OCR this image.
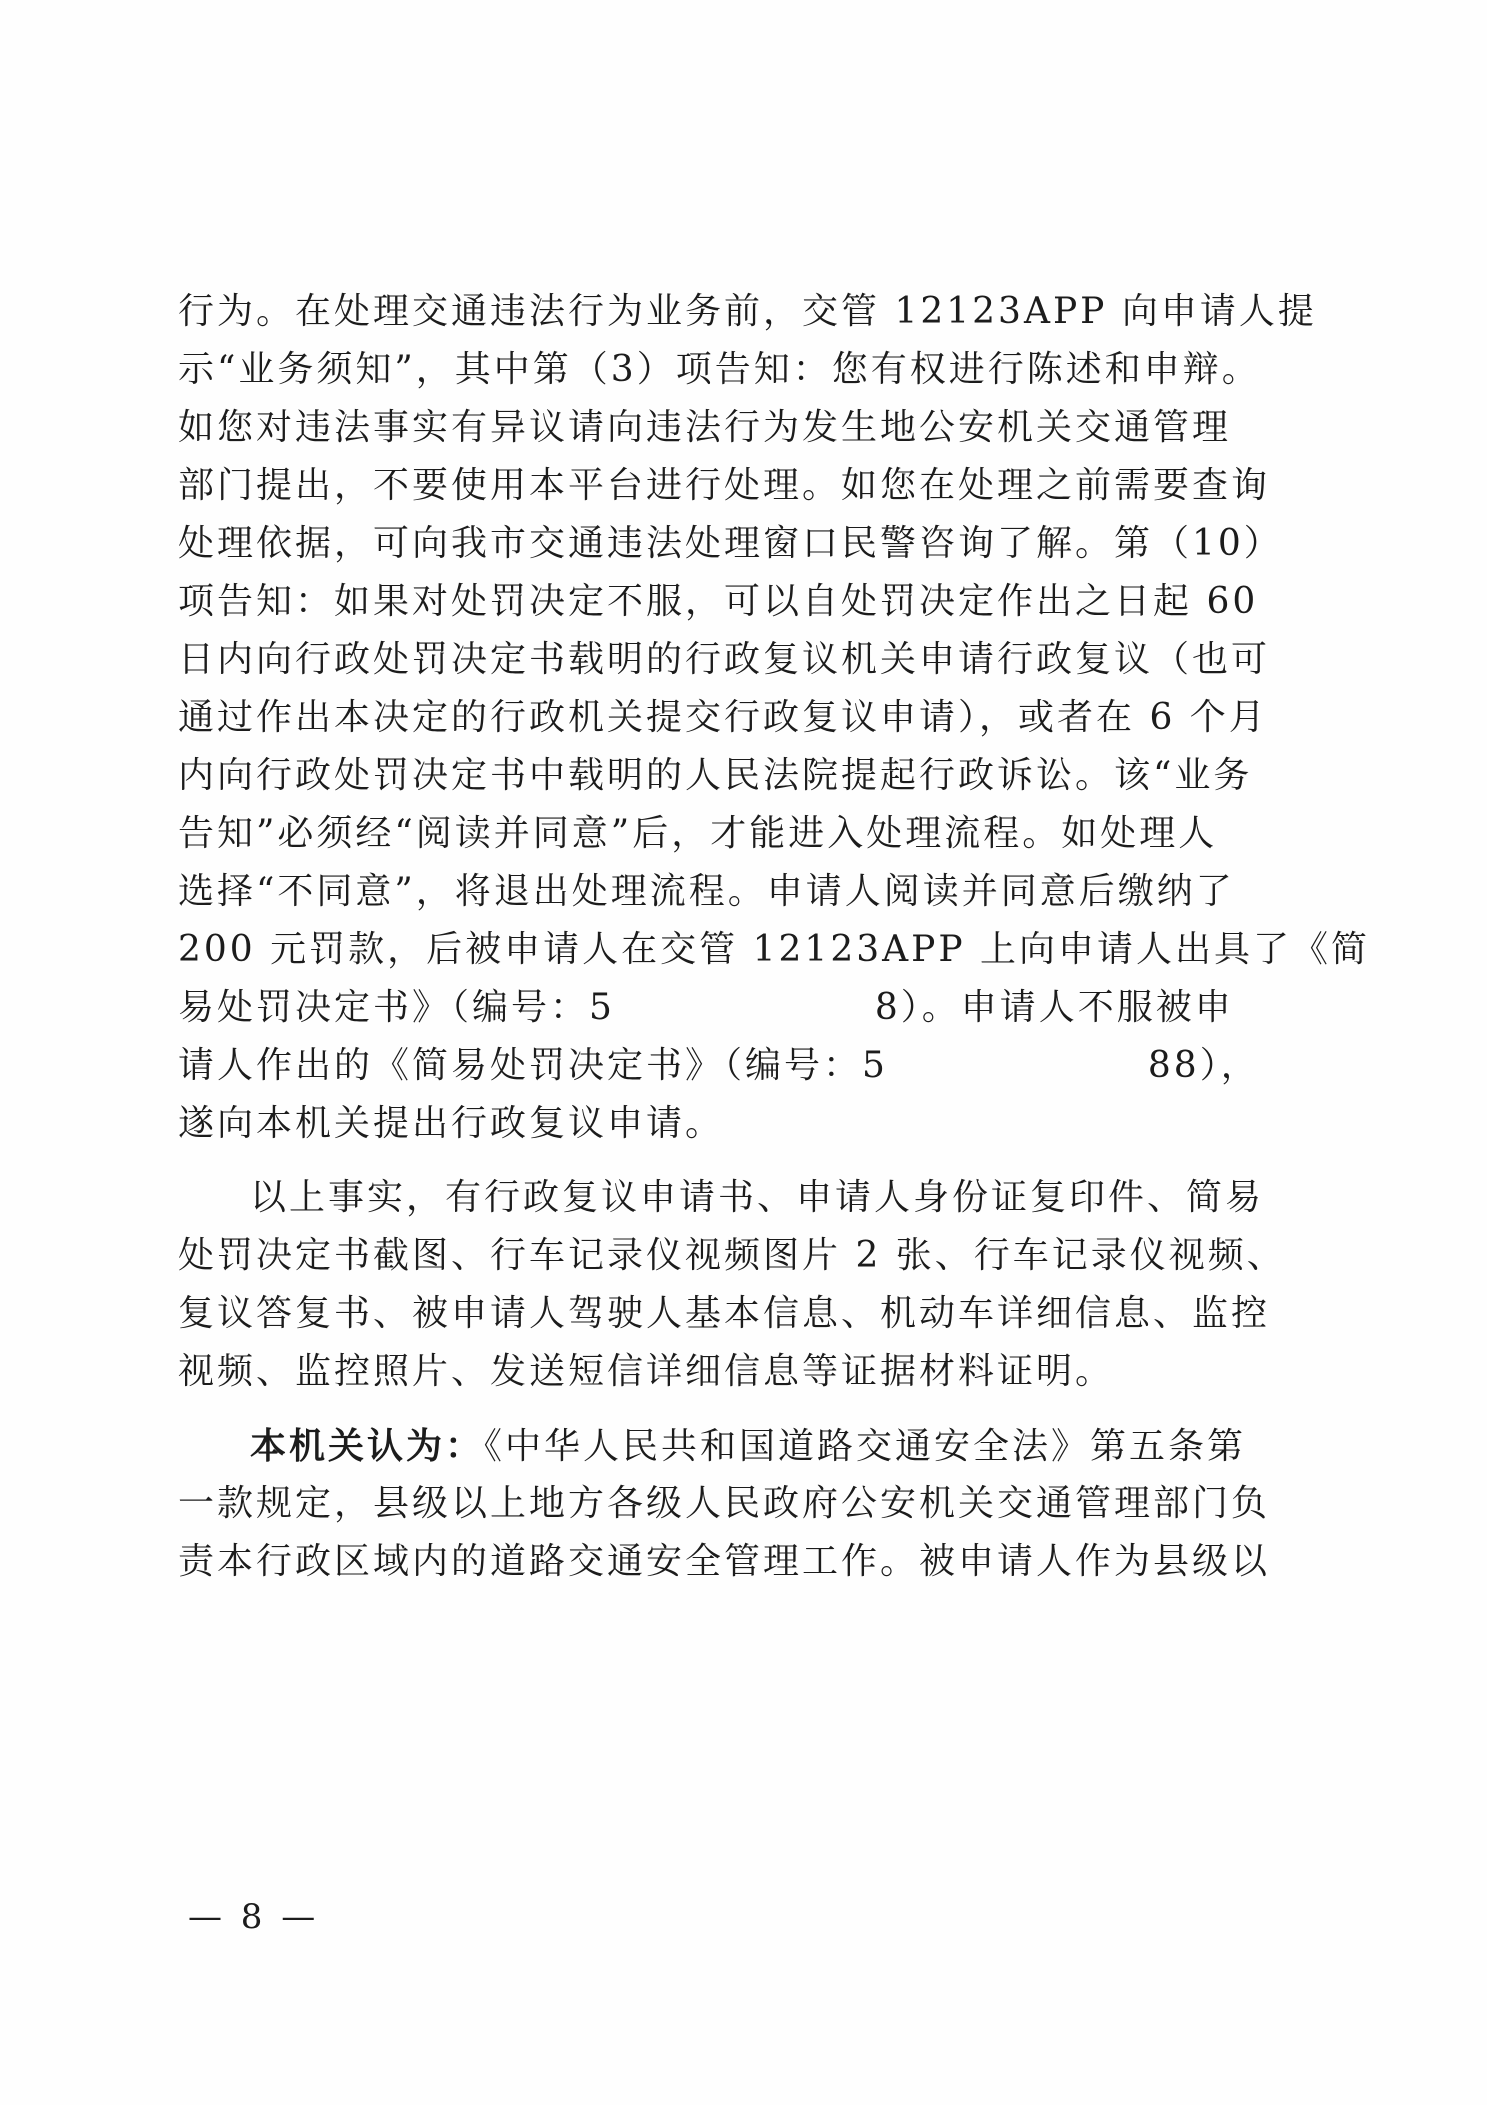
行为。在处理交通违法行为业务前，交管 12123APP 向申请人提
示“业务须知”，其中第（3）项告知：您有权进行陈述和申辩。
如您对违法事实有异议请向违法行为发生地公安机关交通管理
部门提出，不要使用本平台进行处理。如您在处理之前需要查询
处理依据，可向我市交通违法处理窗口民警咨询了解。第（10）
项告知：如果对处罚决定不服，可以自处罚决定作出之日起 60
日内向行政处罚决定书载明的行政复议机关申请行政复议（也可
通过作出本决定的行政机关提交行政复议申请），或者在 6 个月
内向行政处罚决定书中载明的人民法院提起行政诉讼。该“业务
告知”必须经“阅读并同意”后，才能进入处理流程。如处理人
选择“不同意”，将退出处理流程。申请人阅读并同意后缴纳了
200 元罚款，后被申请人在交管 12123APP 上向申请人出具了《简
易处罚决定书》（编号：5                  8）。申请人不服被申
请人作出的《简易处罚决定书》（编号：5                  88），
遂向本机关提出行政复议申请。
以上事实，有行政复议申请书、申请人身份证复印件、简易
处罚决定书截图、行车记录仪视频图片 2 张、行车记录仪视频、
复议答复书、被申请人驾驶人基本信息、机动车详细信息、监控
视频、监控照片、发送短信详细信息等证据材料证明。
本机关认为：《中华人民共和国道路交通安全法》第五条第
一款规定，县级以上地方各级人民政府公安机关交通管理部门负
责本行政区域内的道路交通安全管理工作。被申请人作为县级以
— 8 —
